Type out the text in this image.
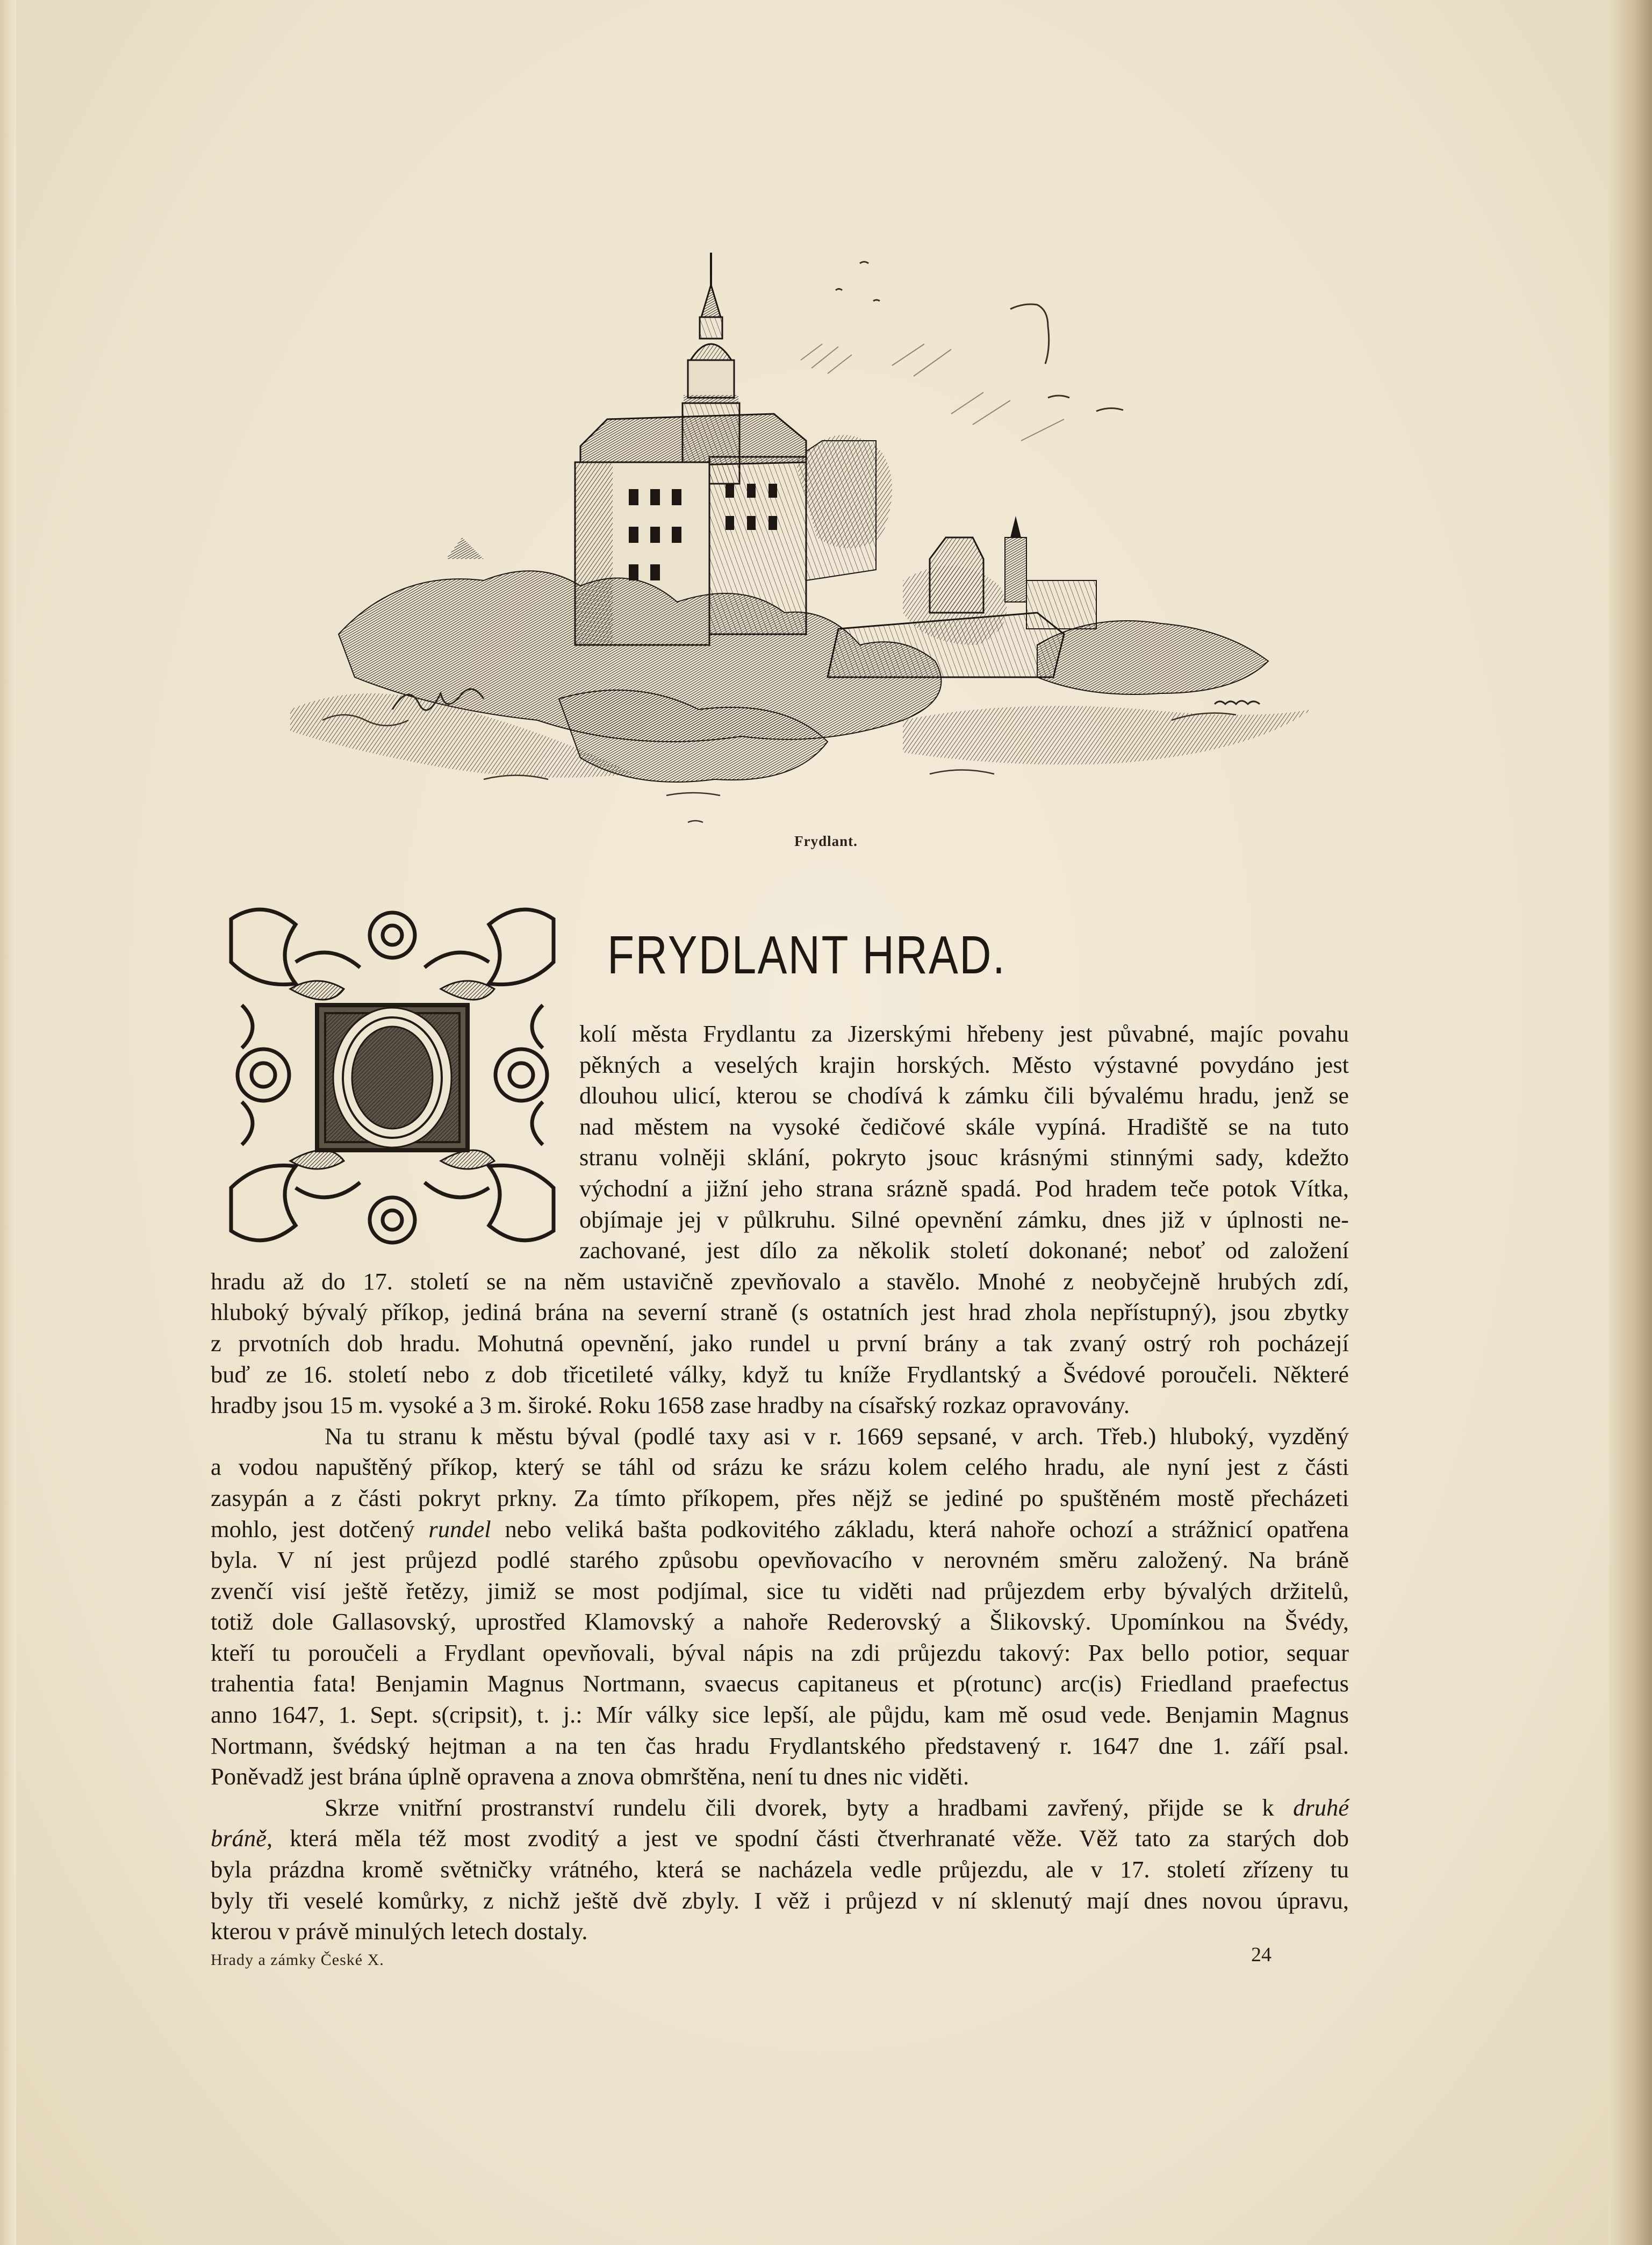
Frydlant.
FRYDLANT HRAD.
kolí města Frydlantu za Jizerskými hřebeny jest půvabné, majíc povahu
pěkných a veselých krajin horských. Město výstavné povydáno jest
dlouhou ulicí, kterou se chodívá k zámku čili bývalému hradu, jenž se
nad městem na vysoké čedičové skále vypíná. Hradiště se na tuto
stranu volněji sklání, pokryto jsouc krásnými stinnými sady, kdežto
východní a jižní jeho strana srázně spadá. Pod hradem teče potok Vítka,
objímaje jej v půlkruhu. Silné opevnění zámku, dnes již v úplnosti ne-
zachované, jest dílo za několik století dokonané; neboť od založení
hradu až do 17. století se na něm ustavičně zpevňovalo a stavělo. Mnohé z neobyčejně hrubých zdí,
hluboký bývalý příkop, jediná brána na severní straně (s ostatních jest hrad zhola nepřístupný), jsou zbytky
z prvotních dob hradu. Mohutná opevnění, jako rundel u první brány a tak zvaný ostrý roh pocházejí
buď ze 16. století nebo z dob třicetileté války, když tu kníže Frydlantský a Švédové poroučeli. Některé
hradby jsou 15 m. vysoké a 3 m. široké. Roku 1658 zase hradby na císařský rozkaz opravovány.
Na tu stranu k městu býval (podlé taxy asi v r. 1669 sepsané, v arch. Třeb.) hluboký, vyzděný
a vodou napuštěný příkop, který se táhl od srázu ke srázu kolem celého hradu, ale nyní jest z části
zasypán a z části pokryt prkny. Za tímto příkopem, přes nějž se jediné po spuštěném mostě přecházeti
mohlo, jest dotčený rundel nebo veliká bašta podkovitého základu, která nahoře ochozí a strážnicí opatřena
byla. V ní jest průjezd podlé starého způsobu opevňovacího v nerovném směru založený. Na bráně
zvenčí visí ještě řetězy, jimiž se most podjímal, sice tu viděti nad průjezdem erby bývalých držitelů,
totiž dole Gallasovský, uprostřed Klamovský a nahoře Rederovský a Šlikovský. Upomínkou na Švédy,
kteří tu poroučeli a Frydlant opevňovali, býval nápis na zdi průjezdu takový: Pax bello potior, sequar
trahentia fata! Benjamin Magnus Nortmann, svaecus capitaneus et p(rotunc) arc(is) Friedland praefectus
anno 1647, 1. Sept. s(cripsit), t. j.: Mír války sice lepší, ale půjdu, kam mě osud vede. Benjamin Magnus
Nortmann, švédský hejtman a na ten čas hradu Frydlantského představený r. 1647 dne 1. září psal.
Poněvadž jest brána úplně opravena a znova obmrštěna, není tu dnes nic viděti.
Skrze vnitřní prostranství rundelu čili dvorek, byty a hradbami zavřený, přijde se k druhé
bráně, která měla též most zvoditý a jest ve spodní části čtverhranaté věže. Věž tato za starých dob
byla prázdna kromě světničky vrátného, která se nacházela vedle průjezdu, ale v 17. století zřízeny tu
byly tři veselé komůrky, z nichž ještě dvě zbyly. I věž i průjezd v ní sklenutý mají dnes novou úpravu,
kterou v právě minulých letech dostaly.
Hrady a zámky České X.	24
